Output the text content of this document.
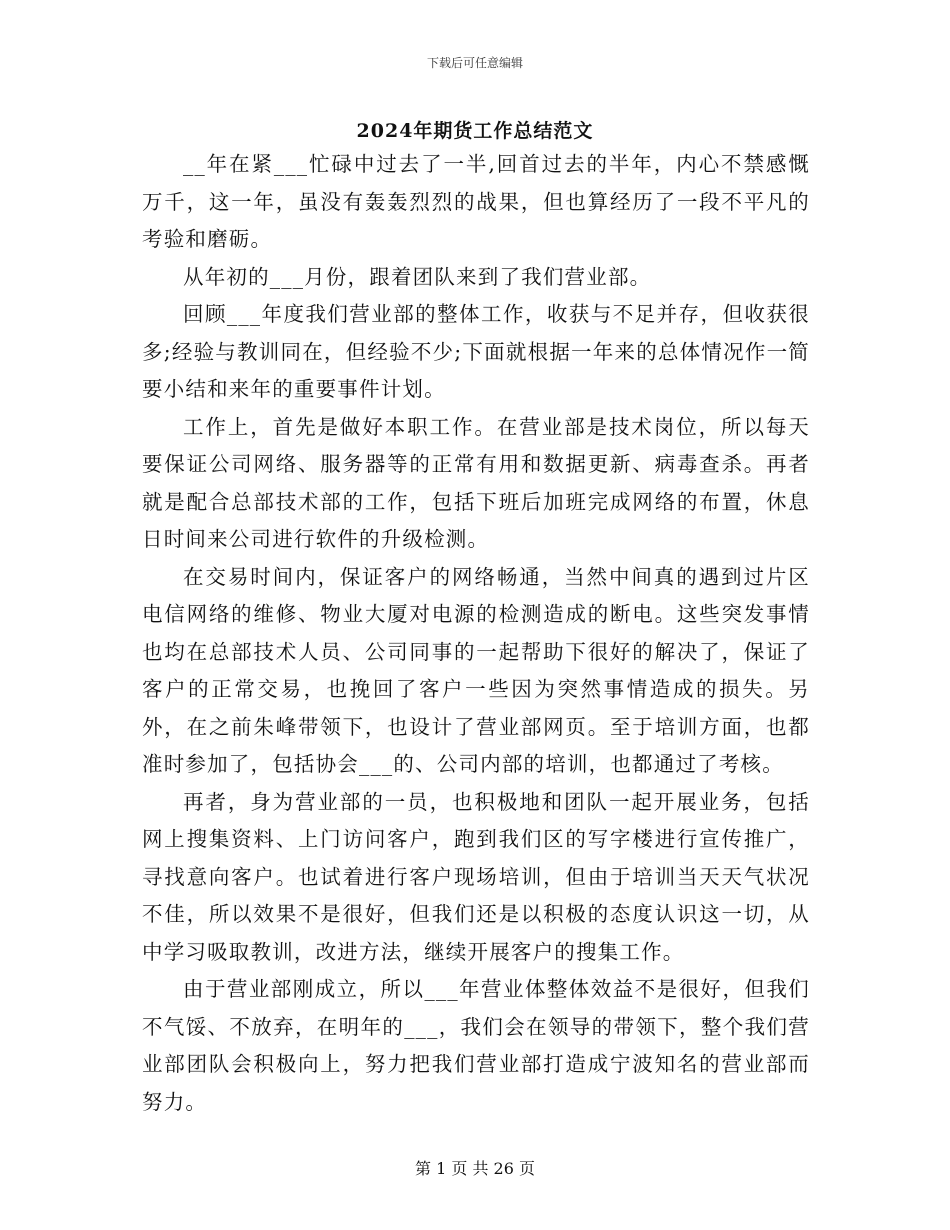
下载后可任意编辑
2024年期货工作总结范文

__年在紧___忙碌中过去了一半,回首过去的半年，内心不禁感慨万千，这一年，虽没有轰轰烈烈的战果，但也算经历了一段不平凡的考验和磨砺。

从年初的___月份，跟着团队来到了我们营业部。

回顾___年度我们营业部的整体工作，收获与不足并存，但收获很多;经验与教训同在，但经验不少;下面就根据一年来的总体情况作一简要小结和来年的重要事件计划。

工作上，首先是做好本职工作。在营业部是技术岗位，所以每天要保证公司网络、服务器等的正常有用和数据更新、病毒查杀。再者就是配合总部技术部的工作，包括下班后加班完成网络的布置，休息日时间来公司进行软件的升级检测。

在交易时间内，保证客户的网络畅通，当然中间真的遇到过片区电信网络的维修、物业大厦对电源的检测造成的断电。这些突发事情也均在总部技术人员、公司同事的一起帮助下很好的解决了，保证了客户的正常交易，也挽回了客户一些因为突然事情造成的损失。另外，在之前朱峰带领下，也设计了营业部网页。至于培训方面，也都准时参加了，包括协会___的、公司内部的培训，也都通过了考核。

再者，身为营业部的一员，也积极地和团队一起开展业务，包括网上搜集资料、上门访问客户，跑到我们区的写字楼进行宣传推广，寻找意向客户。也试着进行客户现场培训，但由于培训当天天气状况不佳，所以效果不是很好，但我们还是以积极的态度认识这一切，从中学习吸取教训，改进方法，继续开展客户的搜集工作。

由于营业部刚成立，所以___年营业体整体效益不是很好，但我们不气馁、不放弃，在明年的___，我们会在领导的带领下，整个我们营业部团队会积极向上，努力把我们营业部打造成宁波知名的营业部而努力。

第 1 页 共 26 页
